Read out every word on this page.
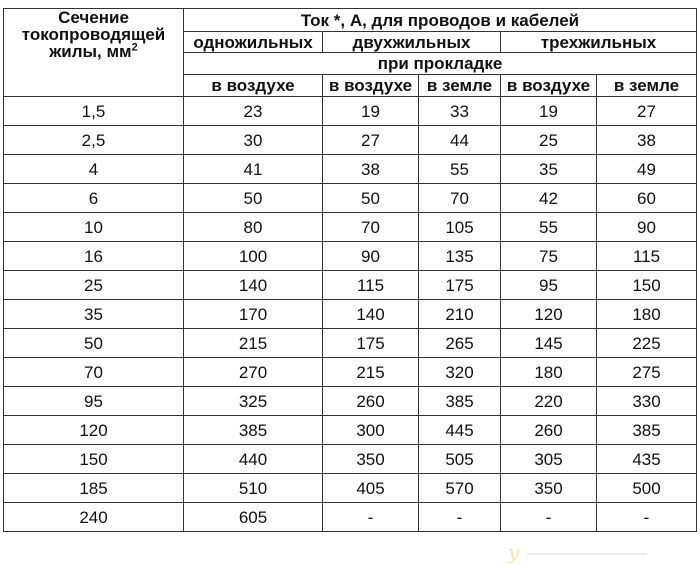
Сечение
токопроводящей
жилы, $мм^2$	Ток *, А, для проводов и кабелей				
	одножильных	двухжильных		трехжильных	
	при прокладке				
	в воздухе	в воздухе	в земле	в воздухе	в земле
1,5	23	19	33	19	27
2,5	30	27	44	25	38
4	41	38	55	35	49
6	50	50	70	42	60
10	80	70	105	55	90
16	100	90	135	75	115
25	140	115	175	95	150
35	170	140	210	120	180
50	215	175	265	145	225
70	270	215	320	180	275
95	325	260	385	220	330
120	385	300	445	260	385
150	440	350	505	305	435
185	510	405	570	350	500
240	605	-	-	-	-
y
